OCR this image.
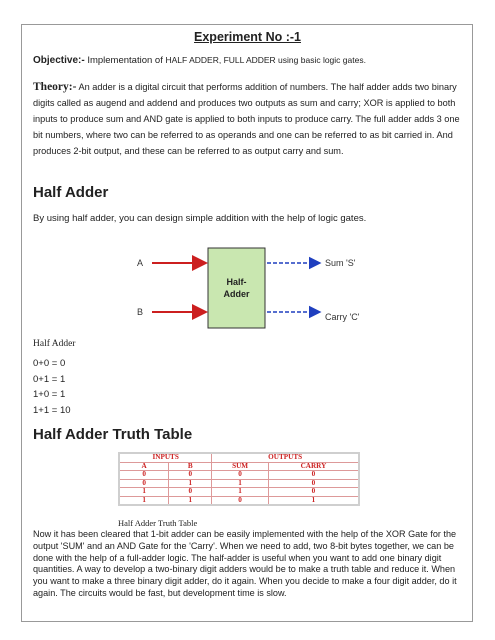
Experiment No :-1
Objective:- Implementation of HALF ADDER, FULL ADDER using basic logic gates.
Theory:- An adder is a digital circuit that performs addition of numbers. The half adder adds two binary digits called as augend and addend and produces two outputs as sum and carry; XOR is applied to both inputs to produce sum and AND gate is applied to both inputs to produce carry. The full adder adds 3 one bit numbers, where two can be referred to as operands and one can be referred to as bit carried in. And produces 2-bit output, and these can be referred to as output carry and sum.
Half Adder
By using half adder, you can design simple addition with the help of logic gates.
A
B
Half-
Adder
Sum 'S'
Carry 'C'
Half Adder
0+0 = 0
0+1 = 1
1+0 = 1
1+1 = 10
Half Adder Truth Table
INPUTS		OUTPUTS	
A	B	SUM	CARRY
0	0	0	0
0	1	1	0
1	0	1	0
1	1	0	1
Half Adder Truth Table
Now it has been cleared that 1-bit adder can be easily implemented with the help of the XOR Gate for the output 'SUM' and an AND Gate for the 'Carry'. When we need to add, two 8-bit bytes together, we can be done with the help of a full-adder logic. The half-adder is useful when you want to add one binary digit quantities. A way to develop a two-binary digit adders would be to make a truth table and reduce it. When you want to make a three binary digit adder, do it again. When you decide to make a four digit adder, do it again. The circuits would be fast, but development time is slow.
